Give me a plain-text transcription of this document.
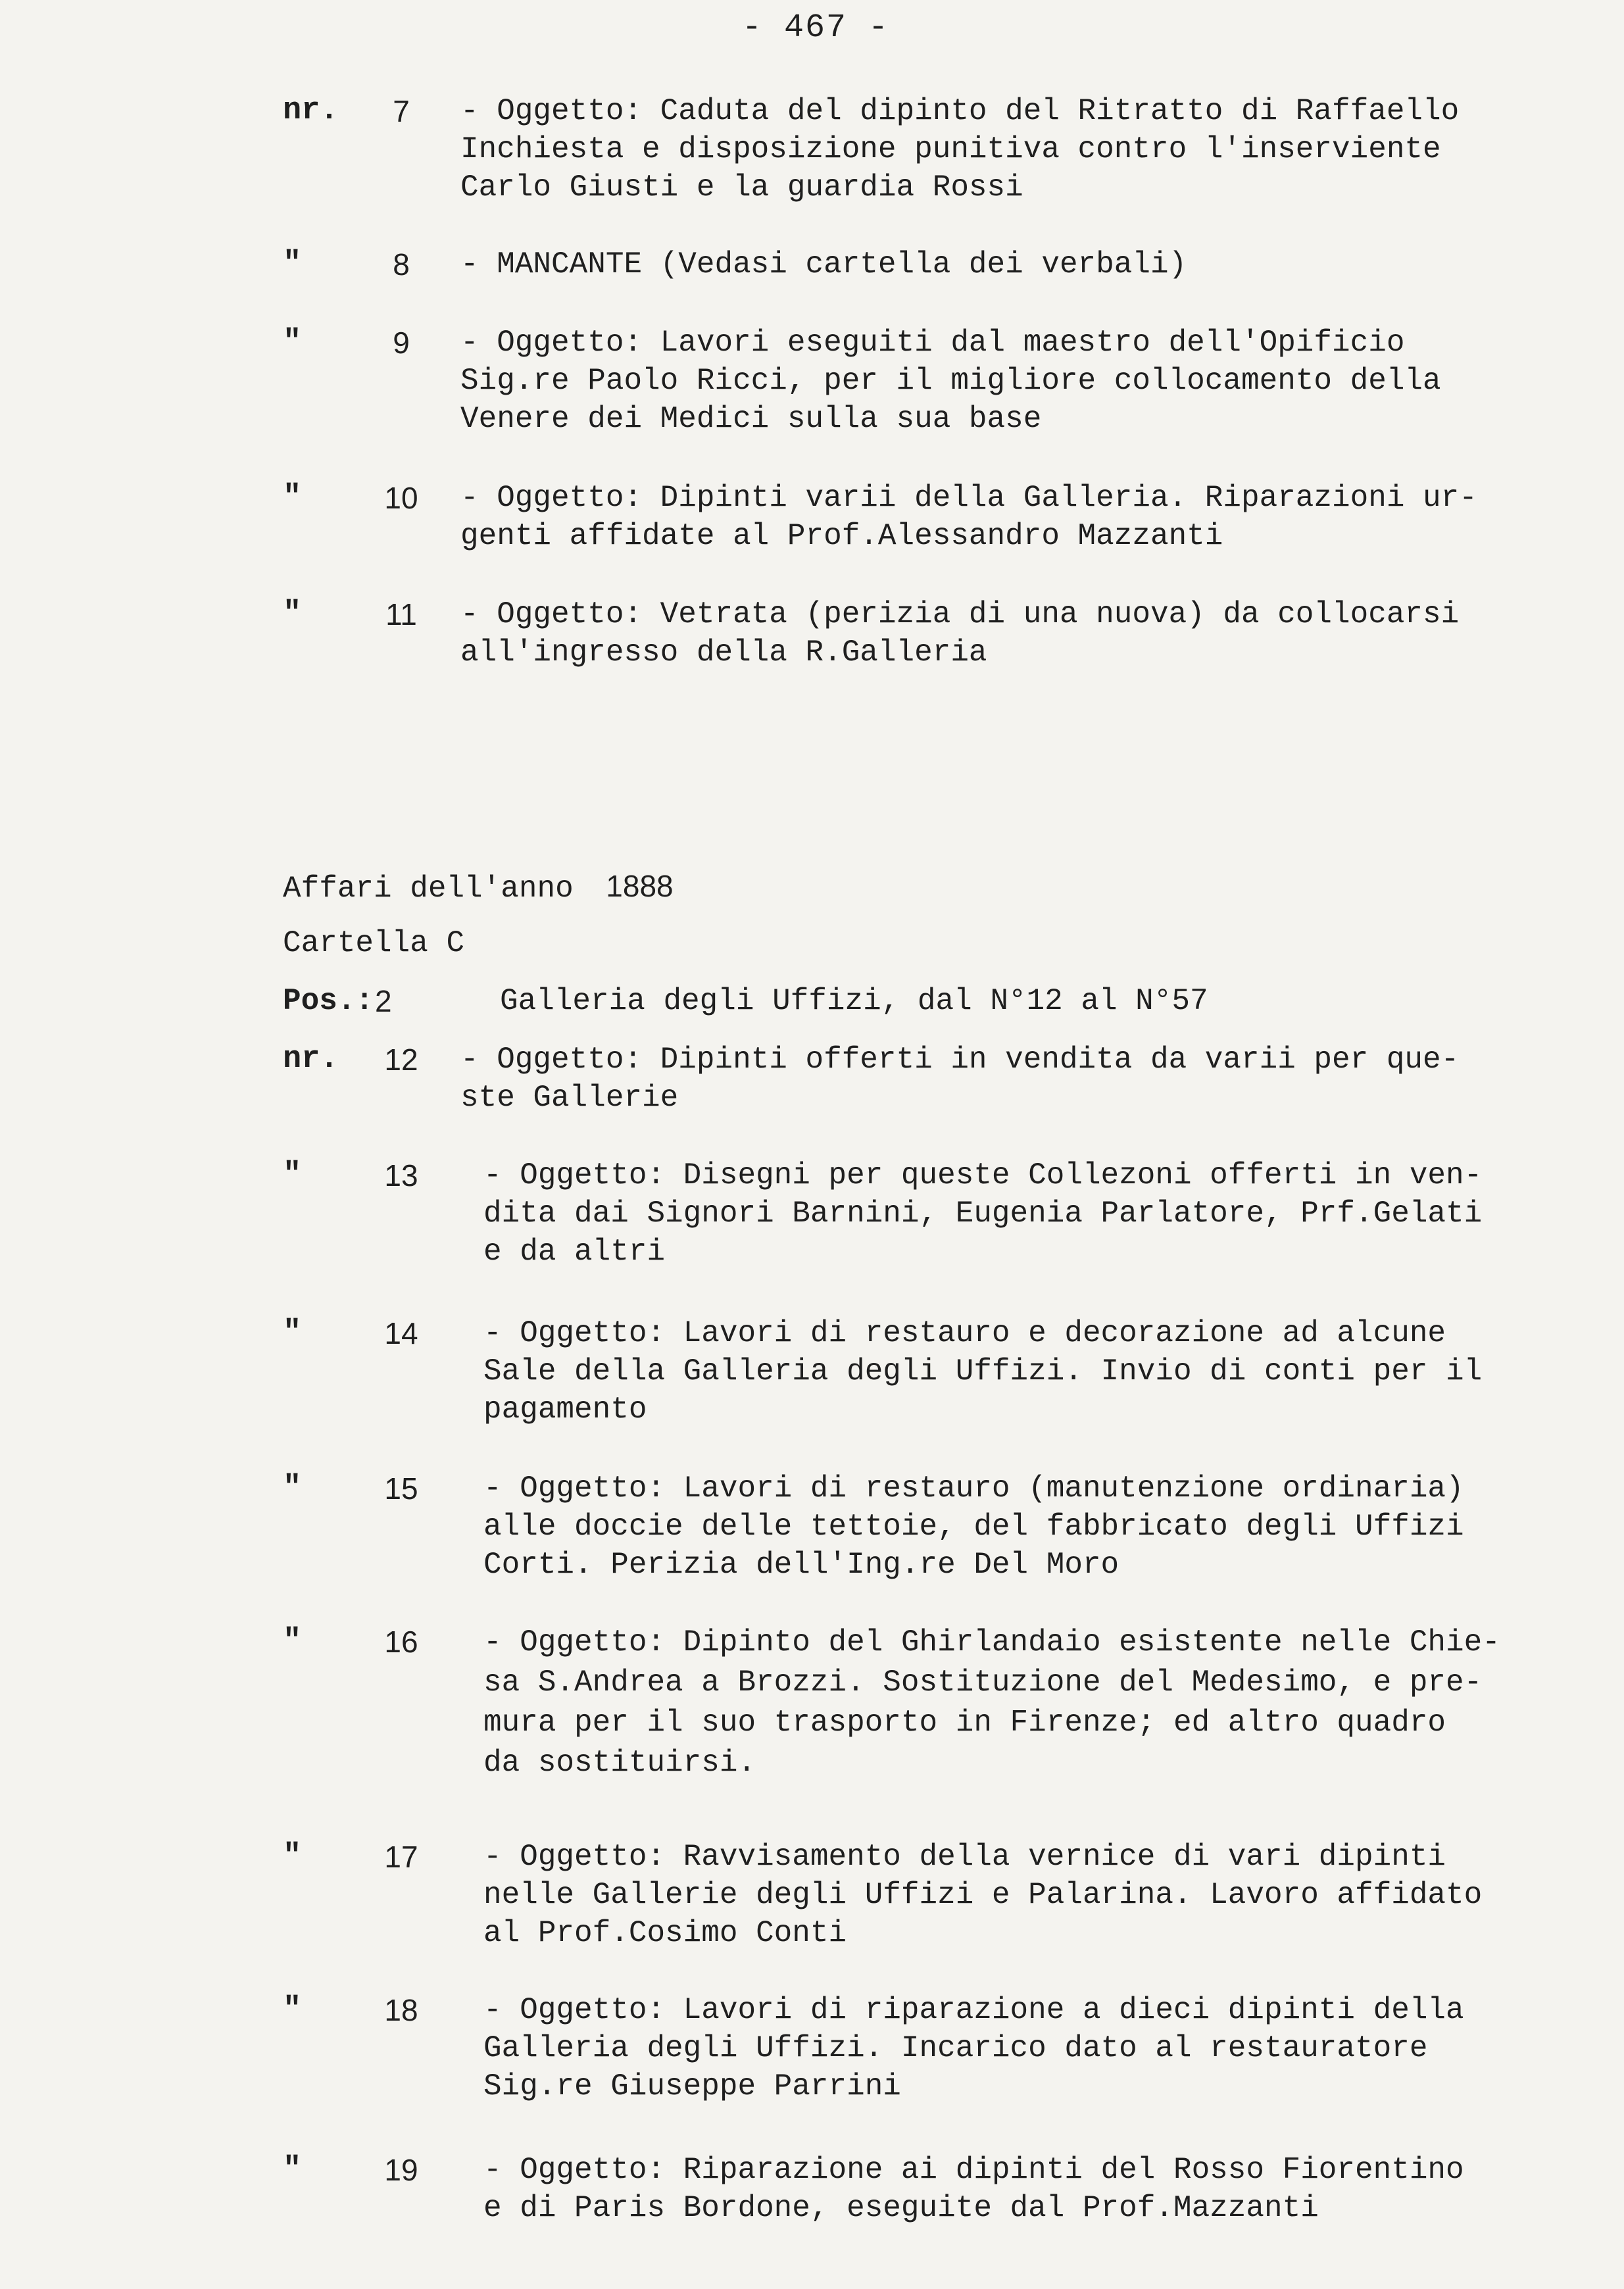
- 467 -
nr.	7	- Oggetto: Caduta del dipinto del Ritratto di Raffaello
Inchiesta e disposizione punitiva contro l'inserviente
Carlo Giusti e la guardia Rossi
"	8	- MANCANTE (Vedasi cartella dei verbali)
"	9	- Oggetto: Lavori eseguiti dal maestro dell'Opificio
Sig.re Paolo Ricci, per il migliore collocamento della
Venere dei Medici sulla sua base
"	10	- Oggetto: Dipinti varii della Galleria. Riparazioni ur-
genti affidate al Prof.Alessandro Mazzanti
"	11	- Oggetto: Vetrata (perizia di una nuova) da collocarsi
all'ingresso della R.Galleria
Affari dell'anno 1888
Cartella C
Pos.: 2	Galleria degli Uffizi, dal N°12 al N°57
nr.	12	- Oggetto: Dipinti offerti in vendita da varii per que-
ste Gallerie
"	13	- Oggetto: Disegni per queste Collezoni offerti in ven-
dita dai Signori Barnini, Eugenia Parlatore, Prf.Gelati
e da altri
"	14	- Oggetto: Lavori di restauro e decorazione ad alcune
Sale della Galleria degli Uffizi. Invio di conti per il
pagamento
"	15	- Oggetto: Lavori di restauro (manutenzione ordinaria)
alle doccie delle tettoie, del fabbricato degli Uffizi
Corti. Perizia dell'Ing.re Del Moro
"	16	- Oggetto: Dipinto del Ghirlandaio esistente nelle Chie-
sa S.Andrea a Brozzi. Sostituzione del Medesimo, e pre-
mura per il suo trasporto in Firenze; ed altro quadro
da sostituirsi.
"	17	- Oggetto: Ravvisamento della vernice di vari dipinti
nelle Gallerie degli Uffizi e Palarina. Lavoro affidato
al Prof.Cosimo Conti
"	18	- Oggetto: Lavori di riparazione a dieci dipinti della
Galleria degli Uffizi. Incarico dato al restauratore
Sig.re Giuseppe Parrini
"	19	- Oggetto: Riparazione ai dipinti del Rosso Fiorentino
e di Paris Bordone, eseguite dal Prof.Mazzanti
